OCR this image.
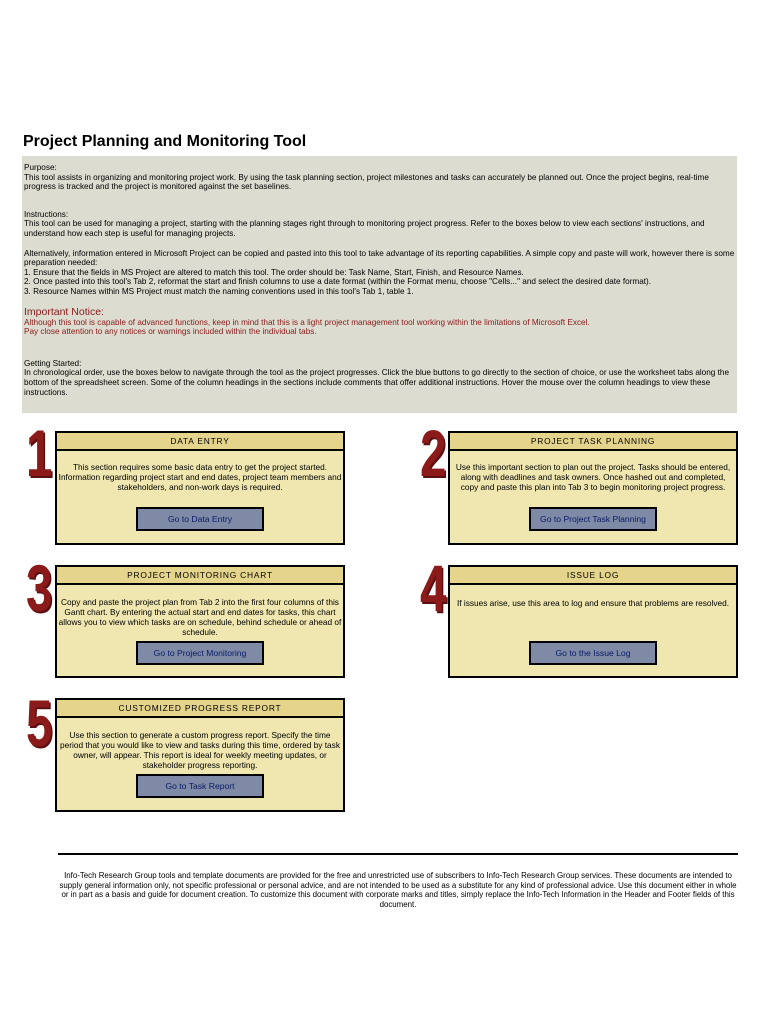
Project Planning and Monitoring Tool

Purpose:

This tool assists in organizing and monitoring project work. By using the task planning section, project milestones and tasks can accurately be planned out. Once the project begins, real-time progress is tracked and the project is monitored against the set baselines.

Instructions:

This tool can be used for managing a project, starting with the planning stages right through to monitoring project progress. Refer to the boxes below to view each sections' instructions, and understand how each step is useful for managing projects.

Alternatively, information entered in Microsoft Project can be copied and pasted into this tool to take advantage of its reporting capabilities. A simple copy and paste will work, however there is some preparation needed:

1. Ensure that the fields in MS Project are altered to match this tool. The order should be: Task Name, Start, Finish, and Resource Names.

2. Once pasted into this tool's Tab 2, reformat the start and finish columns to use a date format (within the Format menu, choose "Cells..." and select the desired date format).

3. Resource Names within MS Project must match the naming conventions used in this tool's Tab 1, table 1.

Important Notice:

Although this tool is capable of advanced functions, keep in mind that this is a light project management tool working within the limitations of Microsoft Excel.

Pay close attention to any notices or warnings included within the individual tabs.

Getting Started:

In chronological order, use the boxes below to navigate through the tool as the project progresses. Click the blue buttons to go directly to the section of choice, or use the worksheet tabs along the bottom of the spreadsheet screen. Some of the column headings in the sections include comments that offer additional instructions. Hover the mouse over the column headings to view these instructions.

1	DATA ENTRY
This section requires some basic data entry to get the project started. Information regarding project start and end dates, project team members and stakeholders, and non-work days is required.
Go to Data Entry
2	PROJECT TASK PLANNING
Use this important section to plan out the project. Tasks should be entered, along with deadlines and task owners. Once hashed out and completed, copy and paste this plan into Tab 3 to begin monitoring project progress.
Go to Project Task Planning
3	PROJECT MONITORING CHART
Copy and paste the project plan from Tab 2 into the first four columns of this Gantt chart. By entering the actual start and end dates for tasks, this chart allows you to view which tasks are on schedule, behind schedule or ahead of schedule.
Go to Project Monitoring
4	ISSUE LOG
If issues arise, use this area to log and ensure that problems are resolved.
Go to the Issue Log
5	CUSTOMIZED PROGRESS REPORT
Use this section to generate a custom progress report. Specify the time period that you would like to view and tasks during this time, ordered by task owner, will appear. This report is ideal for weekly meeting updates, or stakeholder progress reporting.
Go to Task Report
Info-Tech Research Group tools and template documents are provided for the free and unrestricted use of subscribers to Info-Tech Research Group services. These documents are intended to supply general information only, not specific professional or personal advice, and are not intended to be used as a substitute for any kind of professional advice. Use this document either in whole or in part as a basis and guide for document creation. To customize this document with corporate marks and titles, simply replace the Info-Tech Information in the Header and Footer fields of this document.
